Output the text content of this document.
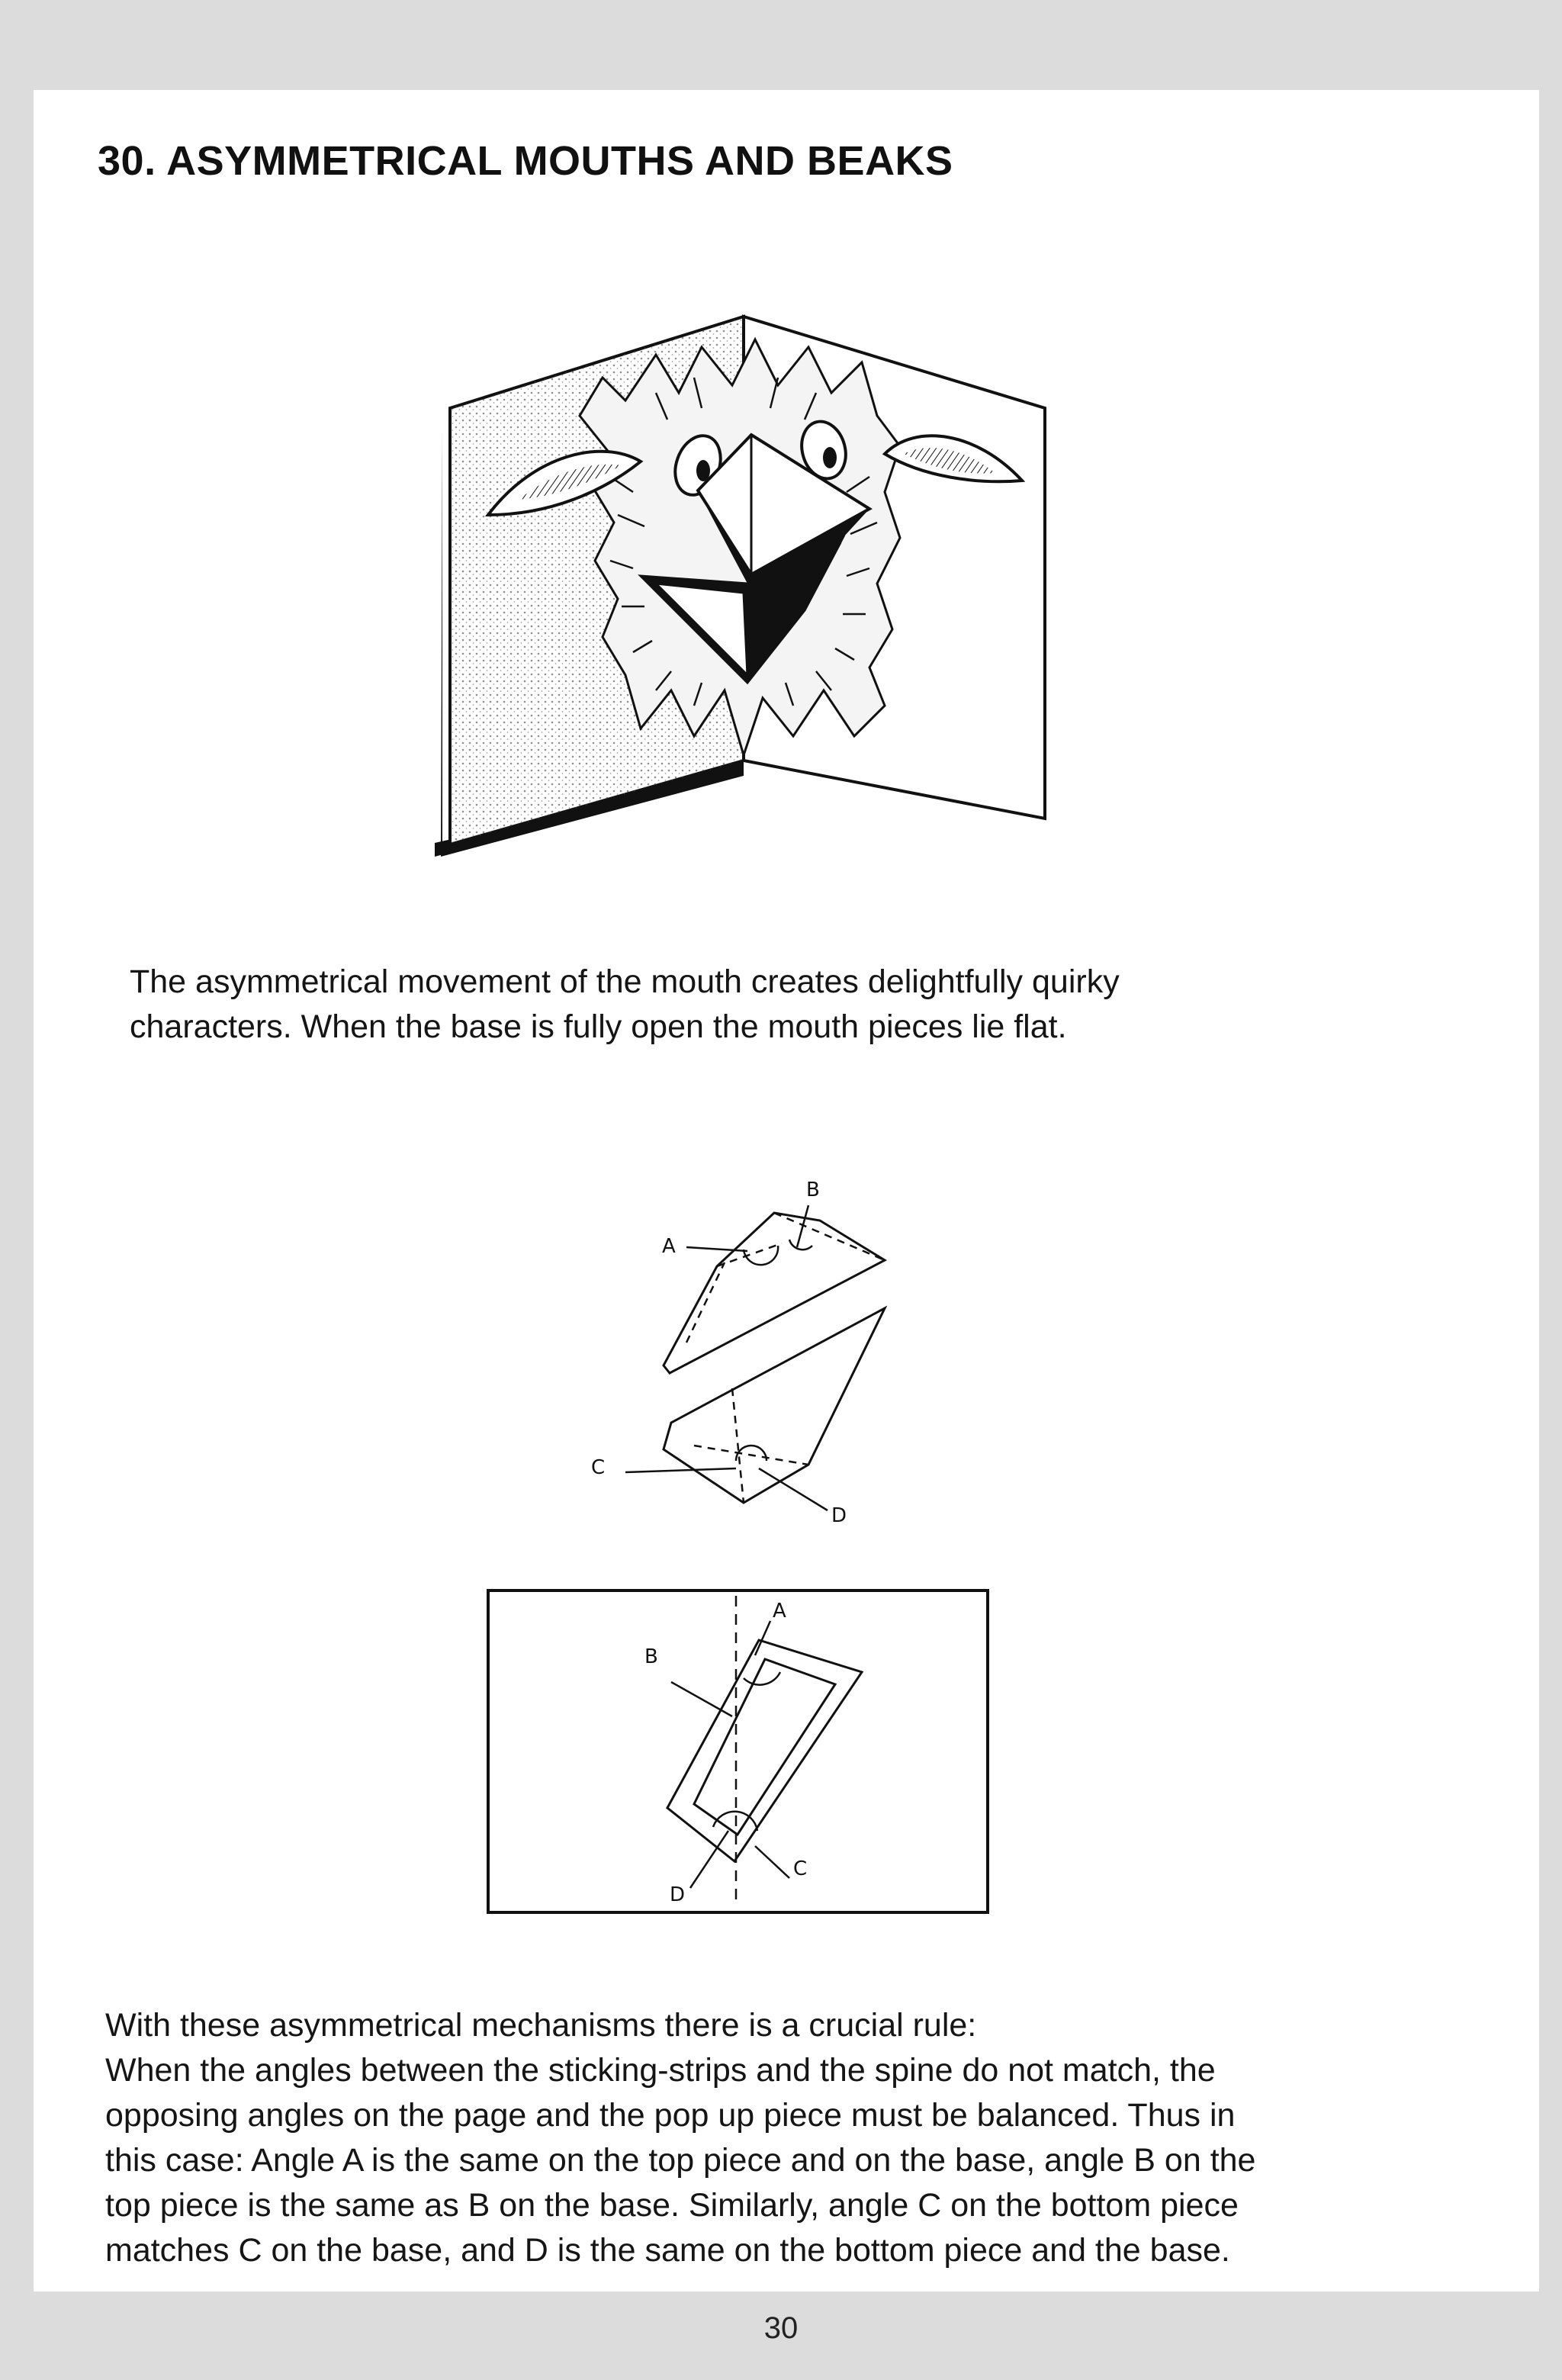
30. ASYMMETRICAL MOUTHS AND BEAKS

The asymmetrical movement of the mouth creates delightfully quirky
characters. When the base is fully open the mouth pieces lie flat.

A
B
C
D
A
B
C
D

With these asymmetrical mechanisms there is a crucial rule:
When the angles between the sticking-strips and the spine do not match, the
opposing angles on the page and the pop up piece must be balanced. Thus in
this case: Angle A is the same on the top piece and on the base, angle B on the
top piece is the same as B on the base. Similarly, angle C on the bottom piece
matches C on the base, and D is the same on the bottom piece and the base.

30
